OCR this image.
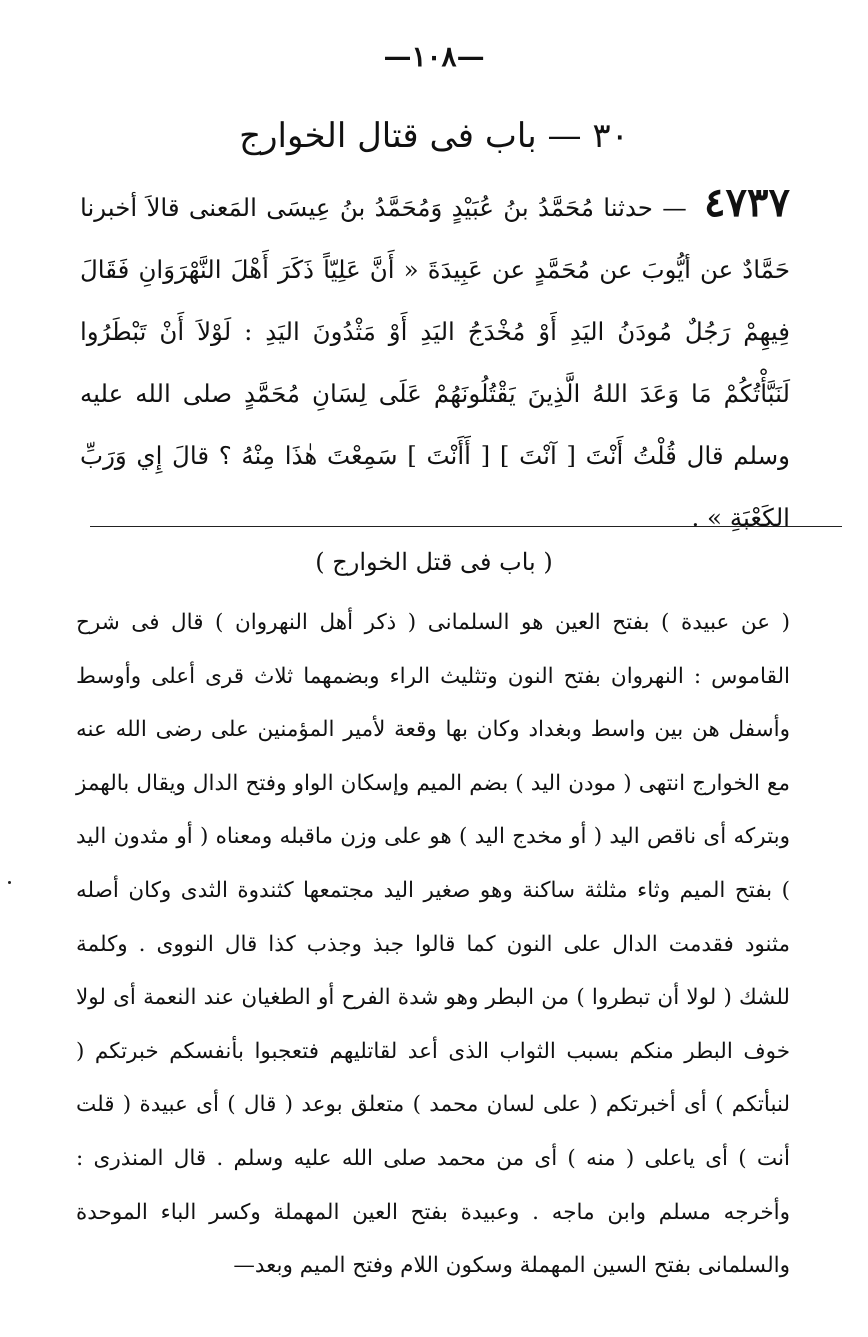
—١٠٨—
٣٠ — باب فى قتال الخوارج
٤٧٣٧ — حدثنا مُحَمَّدُ بنُ عُبَيْدٍ وَمُحَمَّدُ بنُ عِيسَى المَعنى قالاَ أخبرنا حَمَّادٌ عن أيُّوبَ عن مُحَمَّدٍ عن عَبِيدَةَ « أَنَّ عَلِيّاً ذَكَرَ أَهْلَ النَّهْرَوَانِ فَقَالَ فِيهِمْ رَجُلٌ مُودَنُ اليَدِ أَوْ مُخْدَجُ اليَدِ أَوْ مَثْدُونَ اليَدِ : لَوْلاَ أَنْ تَبْطَرُوا لَنَبَّأْتُكُمْ مَا وَعَدَ اللهُ الَّذِينَ يَقْتُلُونَهُمْ عَلَى لِسَانِ مُحَمَّدٍ صلى الله عليه وسلم قال قُلْتُ أَنْتَ [ آنْتَ ] [ أَأَنْتَ ] سَمِعْتَ هٰذَا مِنْهُ ؟ قالَ إِي وَرَبِّ الكَعْبَةِ » .
( باب فى قتل الخوارج )
( عن عبيدة ) بفتح العين هو السلمانى ( ذكر أهل النهروان ) قال فى شرح القاموس : النهروان بفتح النون وتثليث الراء وبضمهما ثلاث قرى أعلى وأوسط وأسفل هن بين واسط وبغداد وكان بها وقعة لأمير المؤمنين على رضى الله عنه مع الخوارج انتهى ( مودن اليد ) بضم الميم وإسكان الواو وفتح الدال ويقال بالهمز وبتركه أى ناقص اليد ( أو مخدج اليد ) هو على وزن ماقبله ومعناه ( أو مثدون اليد ) بفتح الميم وثاء مثلثة ساكنة وهو صغير اليد مجتمعها كثندوة الثدى وكان أصله مثنود فقدمت الدال على النون كما قالوا جبذ وجذب كذا قال النووى . وكلمة للشك ( لولا أن تبطروا ) من البطر وهو شدة الفرح أو الطغيان عند النعمة أى لولا خوف البطر منكم بسبب الثواب الذى أعد لقاتليهم فتعجبوا بأنفسكم خبرتكم ( لنبأتكم ) أى أخبرتكم ( على لسان محمد ) متعلق بوعد ( قال ) أى عبيدة ( قلت أنت ) أى ياعلى ( منه ) أى من محمد صلى الله عليه وسلم . قال المنذرى : وأخرجه مسلم وابن ماجه . وعبيدة بفتح العين المهملة وكسر الباء الموحدة والسلمانى بفتح السين المهملة وسكون اللام وفتح الميم وبعد—
